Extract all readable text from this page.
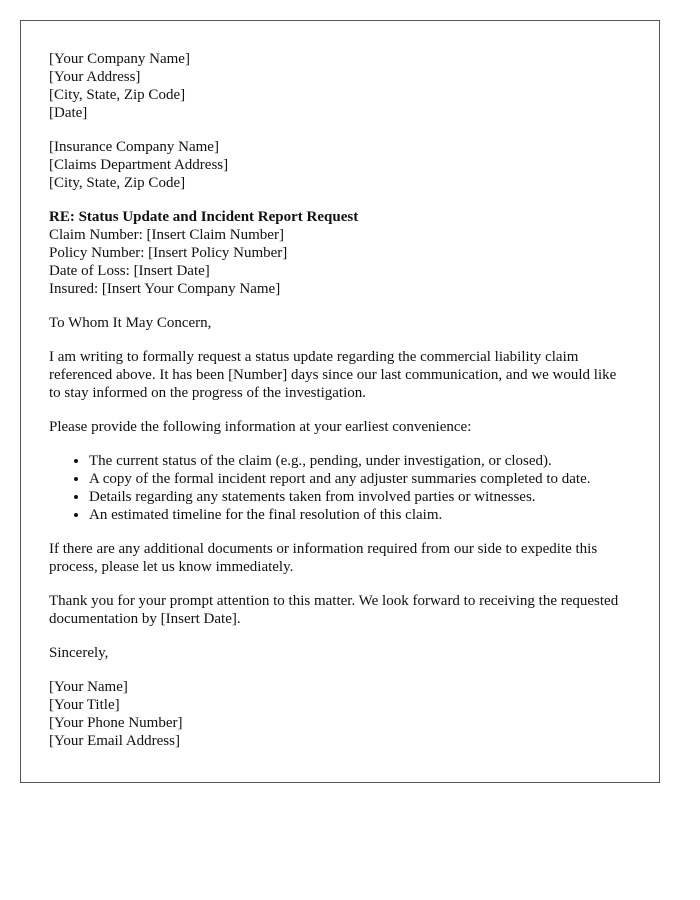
[Your Company Name]
[Your Address]
[City, State, Zip Code]
[Date]
[Insurance Company Name]
[Claims Department Address]
[City, State, Zip Code]
RE: Status Update and Incident Report Request
Claim Number: [Insert Claim Number]
Policy Number: [Insert Policy Number]
Date of Loss: [Insert Date]
Insured: [Insert Your Company Name]

To Whom It May Concern,

I am writing to formally request a status update regarding the commercial liability claim referenced above. It has been [Number] days since our last communication, and we would like to stay informed on the progress of the investigation.

Please provide the following information at your earliest convenience:

• The current status of the claim (e.g., pending, under investigation, or closed).
• A copy of the formal incident report and any adjuster summaries completed to date.
• Details regarding any statements taken from involved parties or witnesses.
• An estimated timeline for the final resolution of this claim.

If there are any additional documents or information required from our side to expedite this process, please let us know immediately.

Thank you for your prompt attention to this matter. We look forward to receiving the requested documentation by [Insert Date].

Sincerely,

[Your Name]
[Your Title]
[Your Phone Number]
[Your Email Address]
